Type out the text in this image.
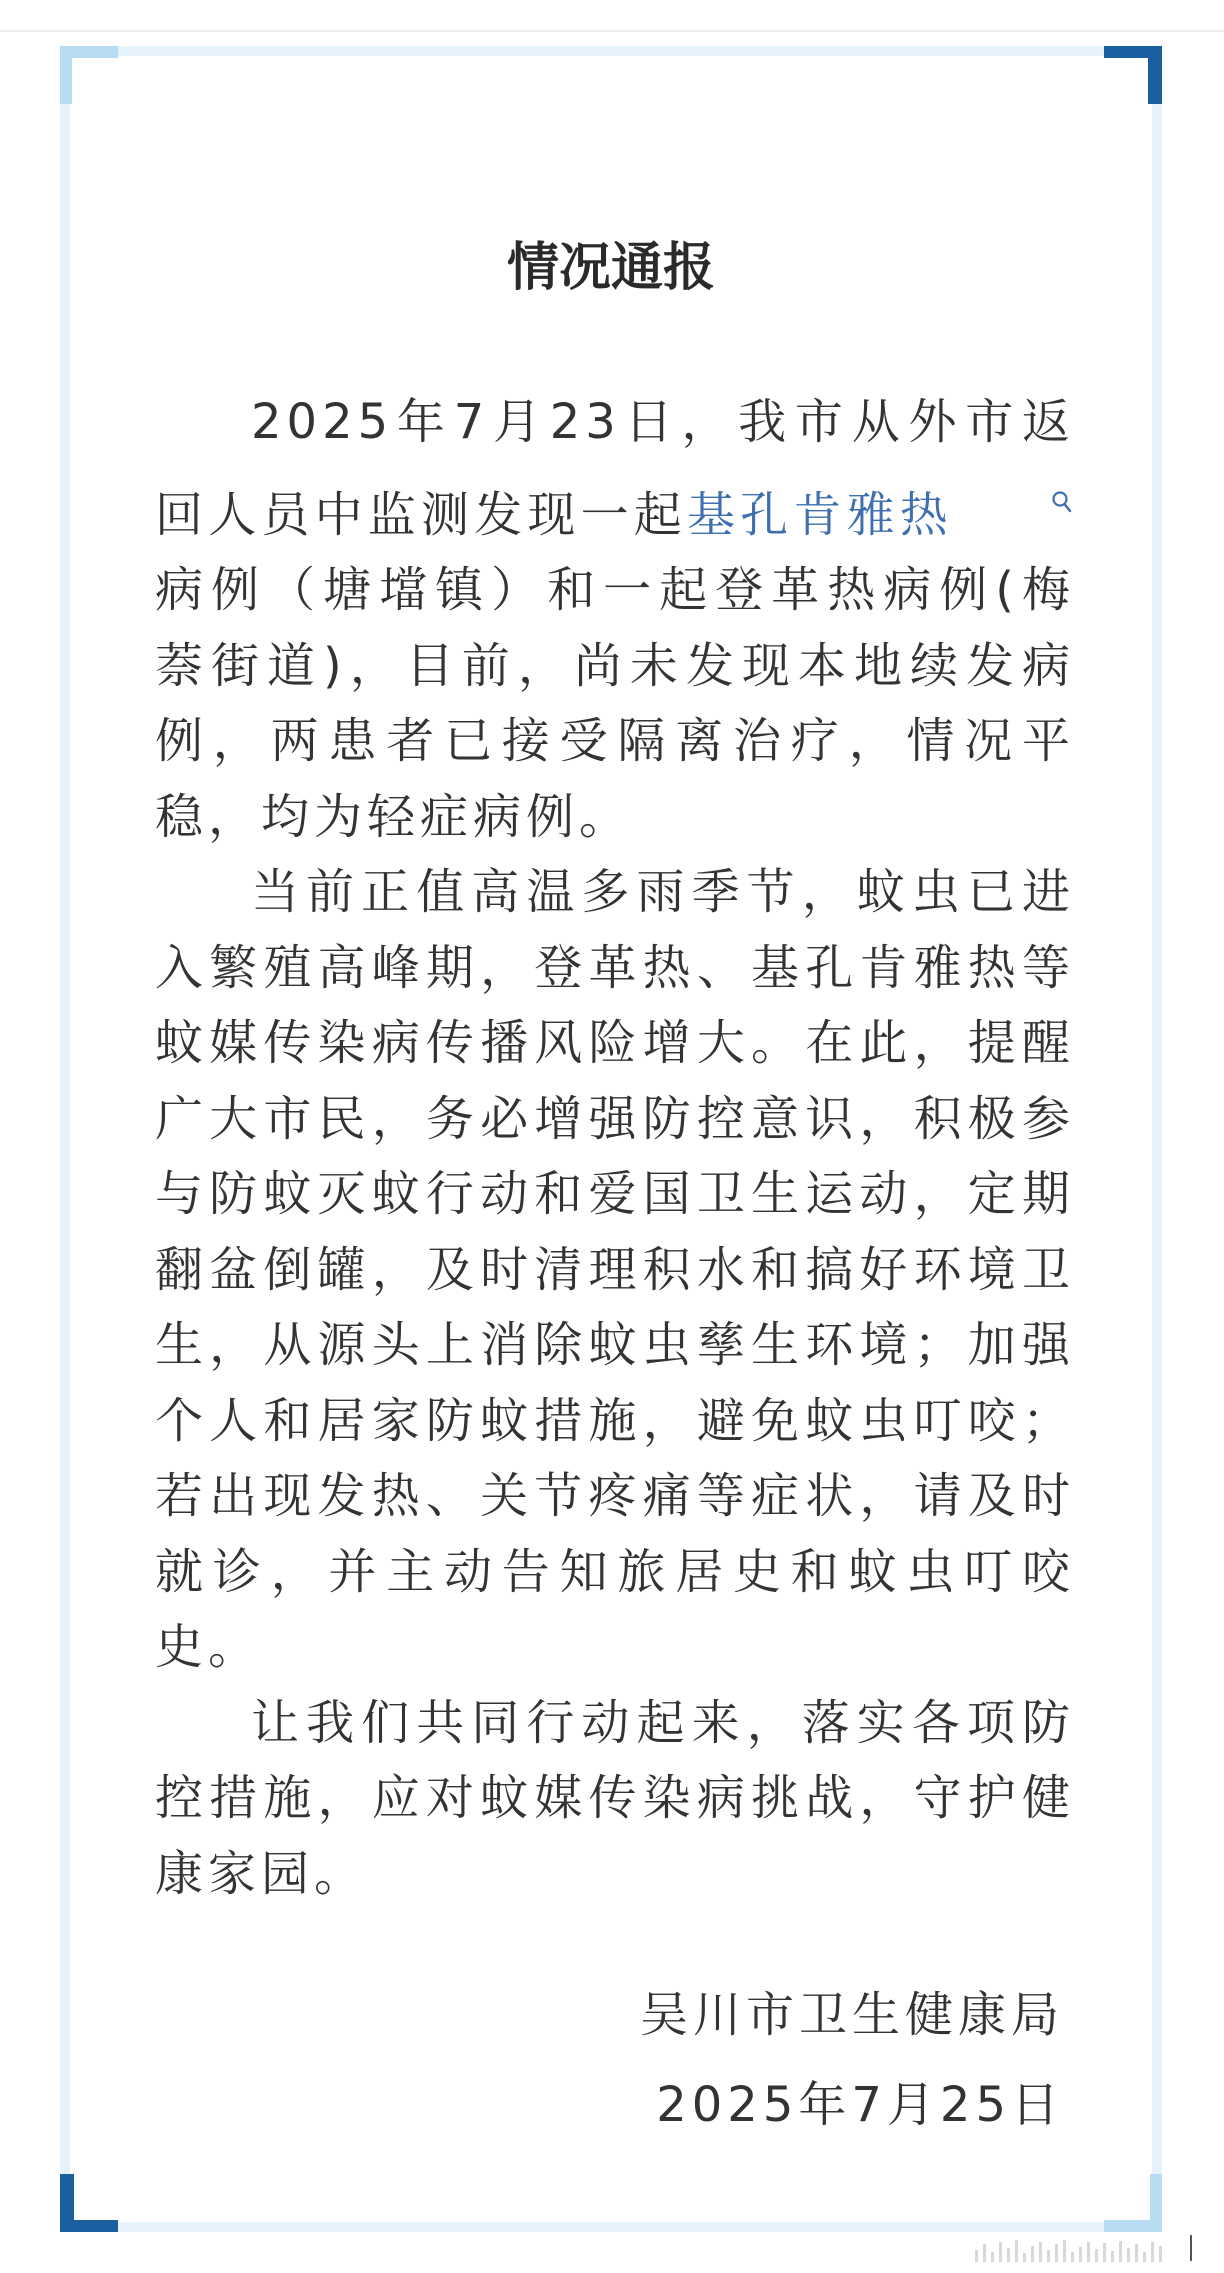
情况通报

2025年7月23日，我市从外市返回人员中监测发现一起基孔肯雅热病例（塘壋镇）和一起登革热病例(梅萘街道)，目前，尚未发现本地续发病例，两患者已接受隔离治疗，情况平稳，均为轻症病例。

当前正值高温多雨季节，蚊虫已进入繁殖高峰期，登革热、基孔肯雅热等蚊媒传染病传播风险增大。在此，提醒广大市民，务必增强防控意识，积极参与防蚊灭蚊行动和爱国卫生运动，定期翻盆倒罐，及时清理积水和搞好环境卫生，从源头上消除蚊虫孳生环境；加强个人和居家防蚊措施，避免蚊虫叮咬；若出现发热、关节疼痛等症状，请及时就诊，并主动告知旅居史和蚊虫叮咬史。

让我们共同行动起来，落实各项防控措施，应对蚊媒传染病挑战，守护健康家园。

吴川市卫生健康局
2025年7月25日
